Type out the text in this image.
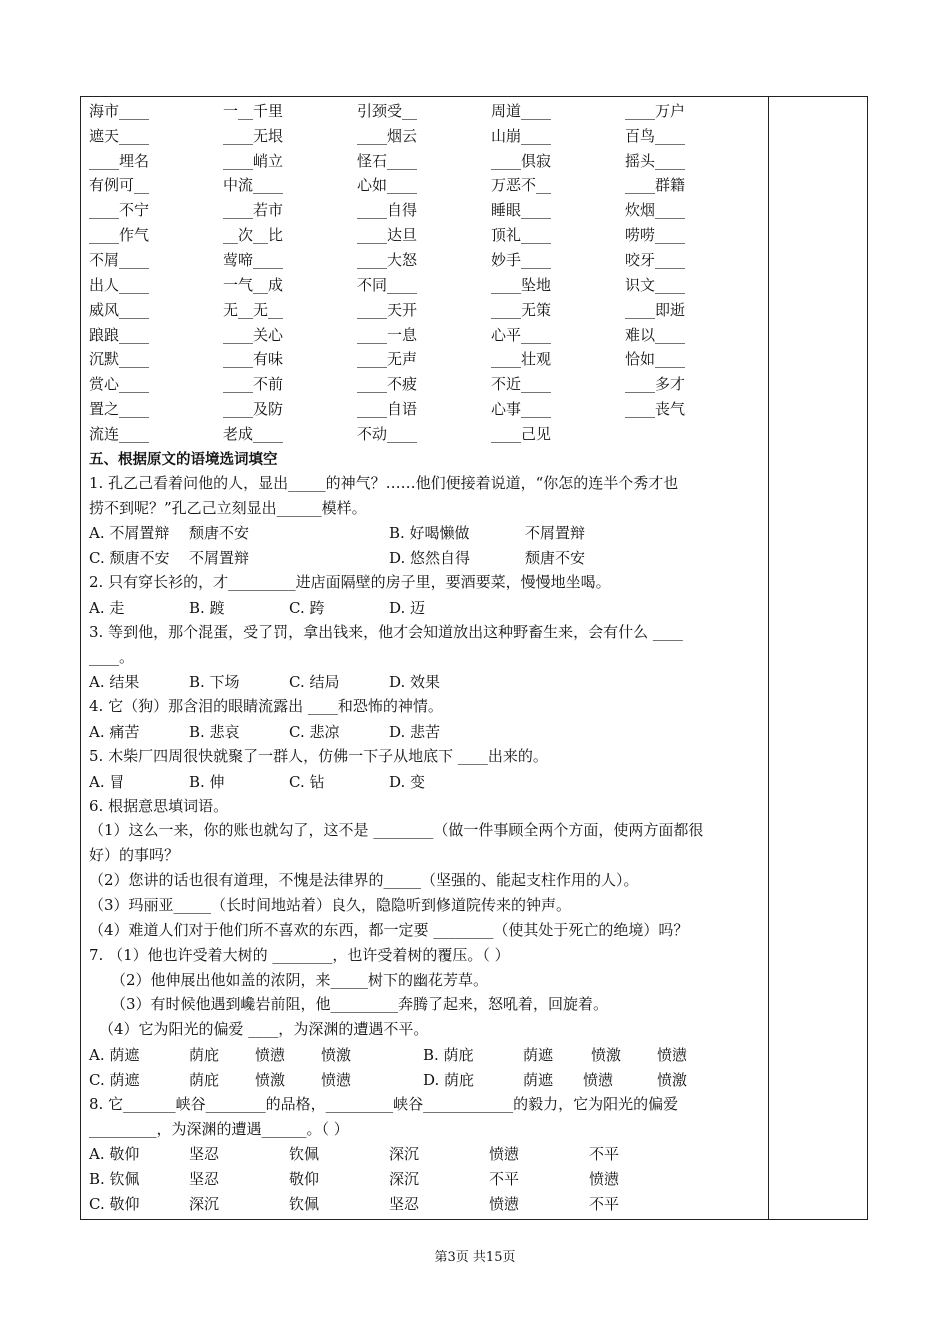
海市____	一__千里	引颈受__	周道____	____万户
遮天____	____无垠	____烟云	山崩____	百鸟____
____埋名	____峭立	怪石____	____俱寂	摇头____
有例可__	中流____	心如____	万恶不__	____群籍
____不宁	____若市	____自得	睡眼____	炊烟____
____作气	__次__比	____达旦	顶礼____	唠唠____
不屑____	莺啼____	____大怒	妙手____	咬牙____
出人____	一气__成	不同____	____坠地	识文____
威风____	无__无__	____天开	____无策	____即逝
踉踉____	____关心	____一息	心平____	难以____
沉默____	____有味	____无声	____壮观	恰如____
赏心____	____不前	____不疲	不近____	____多才
置之____	____及防	____自语	心事____	____丧气
流连____	老成____	不动____	____己见
五、根据原文的语境选词填空
1. 孔乙己看着问他的人，显出_____的神气？……他们便接着说道，“你怎的连半个秀才也
捞不到呢？”孔乙己立刻显出______模样。
A. 不屑置辩	颓唐不安	B. 好喝懒做	不屑置辩
C. 颓唐不安	不屑置辩	D. 悠然自得	颓唐不安
2. 只有穿长衫的，才_________进店面隔壁的房子里，要酒要菜，慢慢地坐喝。
A. 走	B. 踱	C. 跨	D. 迈
3. 等到他，那个混蛋，受了罚，拿出钱来，他才会知道放出这种野畜生来，会有什么 ____
____。
A. 结果	B. 下场	C. 结局	D. 效果
4. 它（狗）那含泪的眼睛流露出 ____和恐怖的神情。
A. 痛苦	B. 悲哀	C. 悲凉	D. 悲苦
5. 木柴厂四周很快就聚了一群人，仿佛一下子从地底下 ____出来的。
A. 冒	B. 伸	C. 钻	D. 变
6. 根据意思填词语。
（1）这么一来，你的账也就勾了，这不是 ________（做一件事顾全两个方面，使两方面都很
好）的事吗？
（2）您讲的话也很有道理，不愧是法律界的_____（坚强的、能起支柱作用的人）。
（3）玛丽亚_____（长时间地站着）良久，隐隐听到修道院传来的钟声。
（4）难道人们对于他们所不喜欢的东西，都一定要 ________（使其处于死亡的绝境）吗？
7. （1）他也许受着大树的 ________，也许受着树的覆压。（ ）
（2）他伸展出他如盖的浓阴，来_____树下的幽花芳草。
（3）有时候他遇到巉岩前阻，他_________奔腾了起来，怒吼着，回旋着。
（4）它为阳光的偏爱 ____，为深渊的遭遇不平。
A. 荫遮	荫庇	愤懑	愤激	B. 荫庇	荫遮	愤激	愤懑
C. 荫遮	荫庇	愤激	愤懑	D. 荫庇	荫遮	愤懑	愤激
8. 它_______峡谷________的品格，_________峡谷____________的毅力，它为阳光的偏爱
_________，为深渊的遭遇______。（ ）
A. 敬仰	坚忍	钦佩	深沉	愤懑	不平
B. 钦佩	坚忍	敬仰	深沉	不平	愤懑
C. 敬仰	深沉	钦佩	坚忍	愤懑	不平
第3页 共15页
